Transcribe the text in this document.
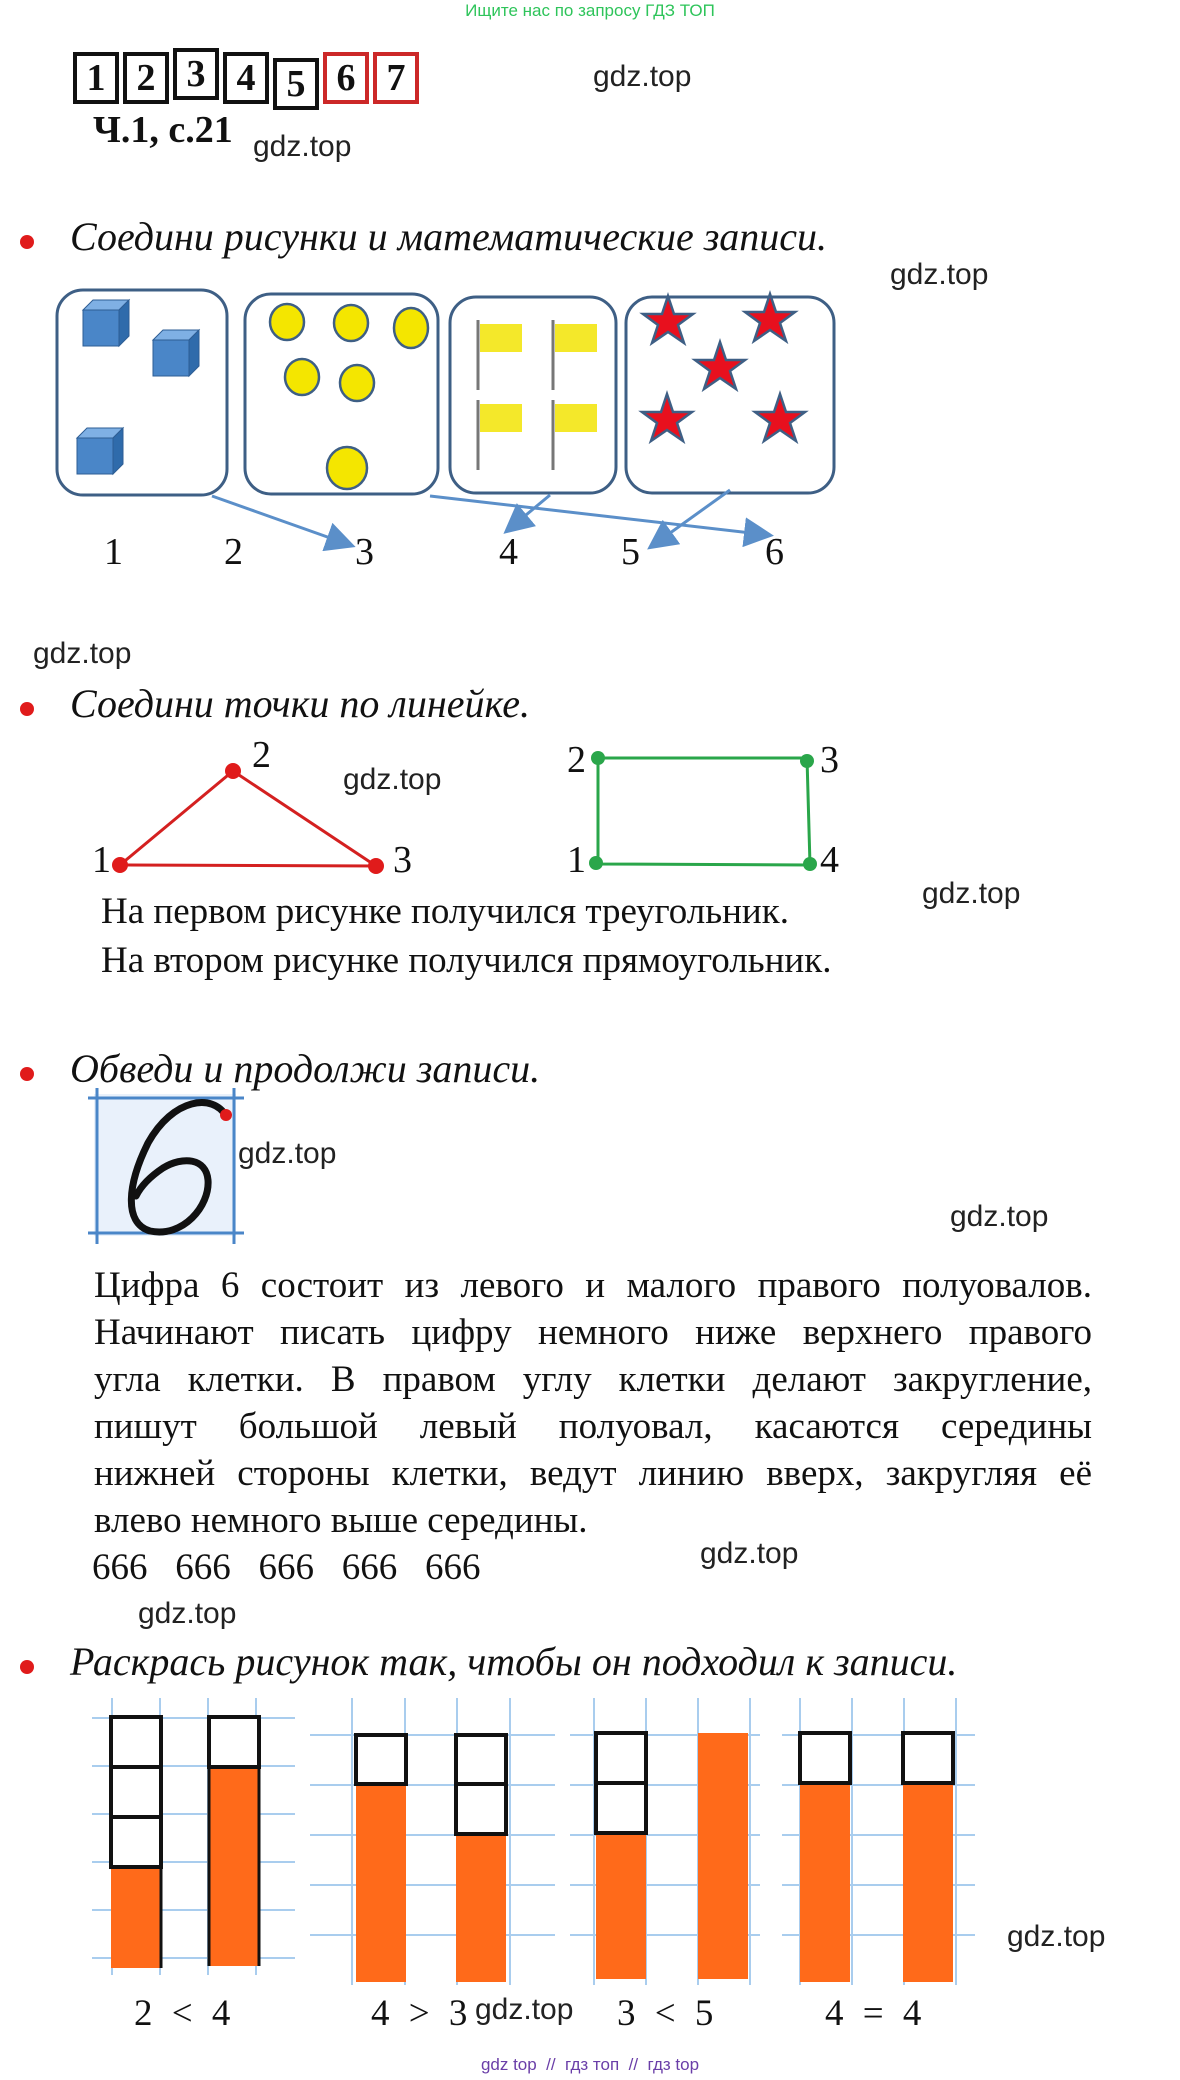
Ищите нас по запросу ГДЗ ТОП
1 2 3 4 5 6 7
Ч.1, с.21
gdz.top
gdz.top
gdz.top
gdz.top
gdz.top
gdz.top
gdz.top
gdz.top
gdz.top
gdz.top
gdz.top
gdz.top
Соедини рисунки и математические записи.
1	2	3	4	5	6
Соедини точки по линейке.
1
2
3
2	3
1	4
На первом рисунке получился треугольник.
На втором рисунке получился прямоугольник.
Обведи и продолжи записи.
Цифра 6 состоит из левого и малого правого полуовалов.
Начинают писать цифру немного ниже верхнего правого
угла клетки. В правом углу клетки делают закругление,
пишут большой левый полуовал, касаются середины
нижней стороны клетки, ведут линию вверх, закругляя её
влево немного выше середины.
666   666   666   666   666
Раскрась рисунок так, чтобы он подходил к записи.
2 < 4	4 > 3	3 < 5	4 = 4
gdz top  //  гдз топ  //  гдз top
